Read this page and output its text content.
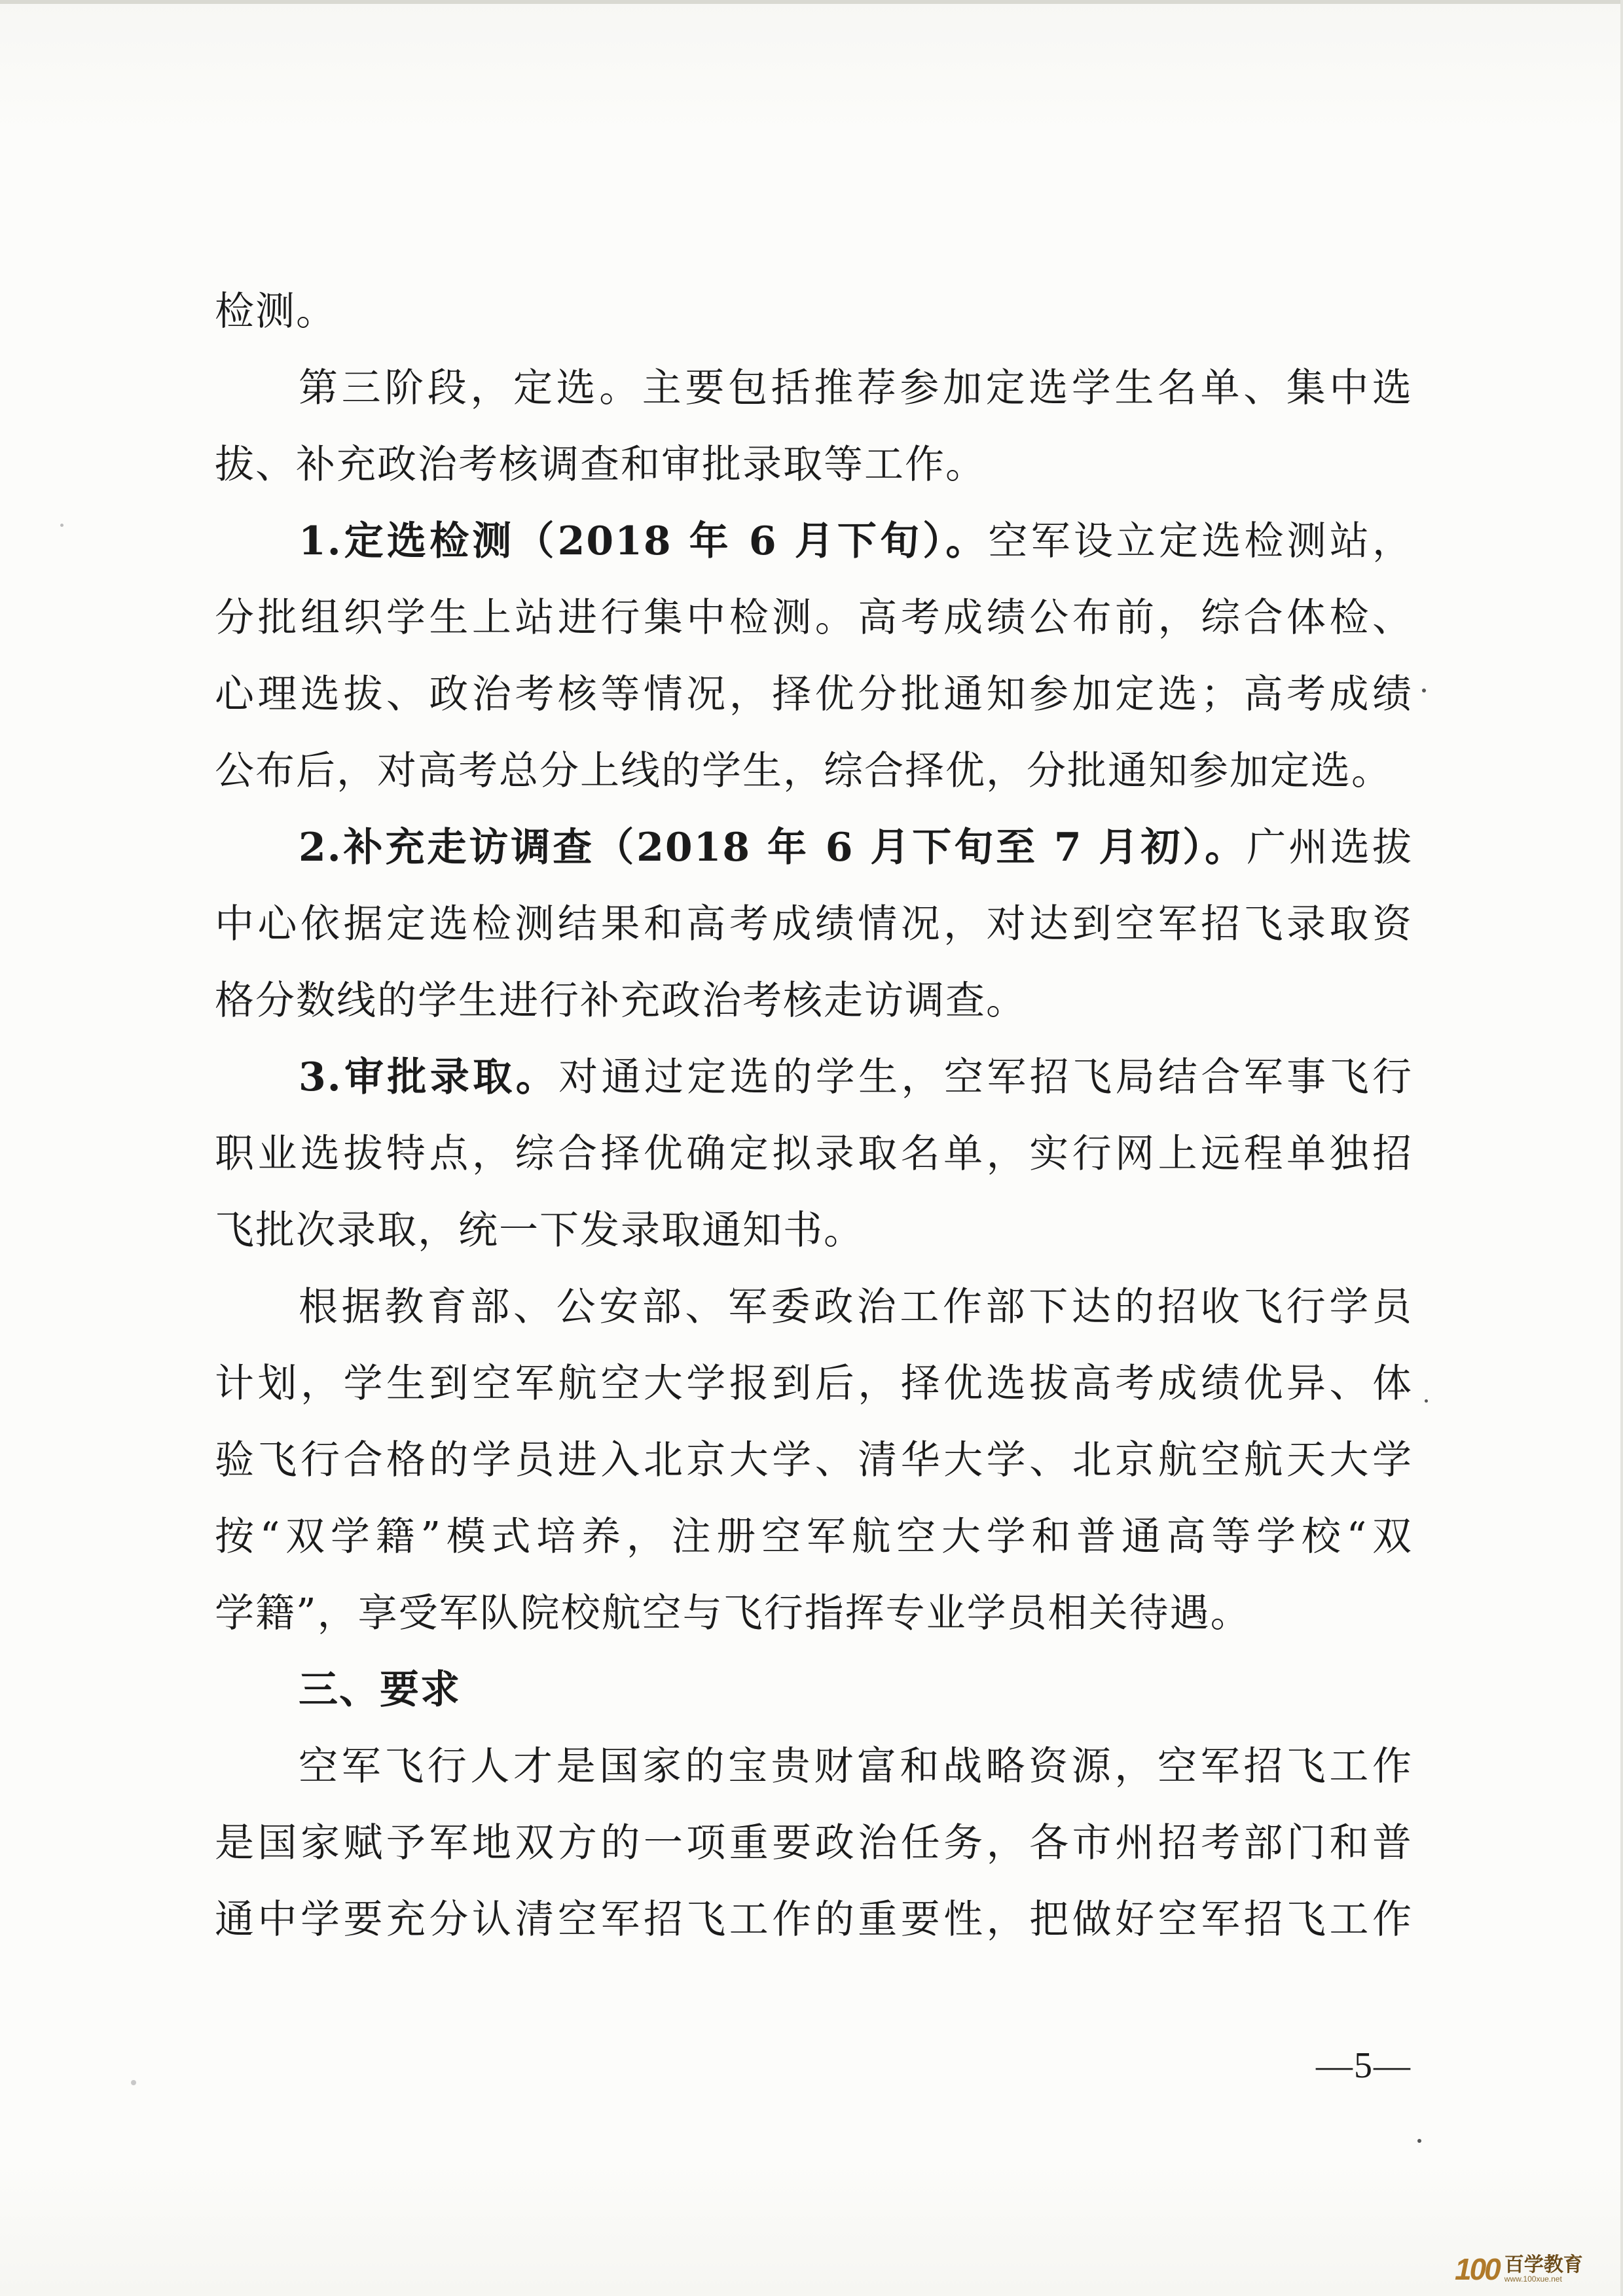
检测。
第三阶段，定选。主要包括推荐参加定选学生名单、集中选
拔、补充政治考核调查和审批录取等工作。
1.定选检测（2018 年 6 月下旬）。空军设立定选检测站，
分批组织学生上站进行集中检测。高考成绩公布前，综合体检、
心理选拔、政治考核等情况，择优分批通知参加定选；高考成绩
公布后，对高考总分上线的学生，综合择优，分批通知参加定选。
2.补充走访调查（2018 年 6 月下旬至 7 月初）。广州选拔
中心依据定选检测结果和高考成绩情况，对达到空军招飞录取资
格分数线的学生进行补充政治考核走访调查。
3.审批录取。对通过定选的学生，空军招飞局结合军事飞行
职业选拔特点，综合择优确定拟录取名单，实行网上远程单独招
飞批次录取，统一下发录取通知书。
根据教育部、公安部、军委政治工作部下达的招收飞行学员
计划，学生到空军航空大学报到后，择优选拔高考成绩优异、体
验飞行合格的学员进入北京大学、清华大学、北京航空航天大学
按“双学籍”模式培养，注册空军航空大学和普通高等学校“双
学籍”，享受军队院校航空与飞行指挥专业学员相关待遇。
三、要求
空军飞行人才是国家的宝贵财富和战略资源，空军招飞工作
是国家赋予军地双方的一项重要政治任务，各市州招考部门和普
通中学要充分认清空军招飞工作的重要性，把做好空军招飞工作
—5—
100 百学教育
www.100xue.net
